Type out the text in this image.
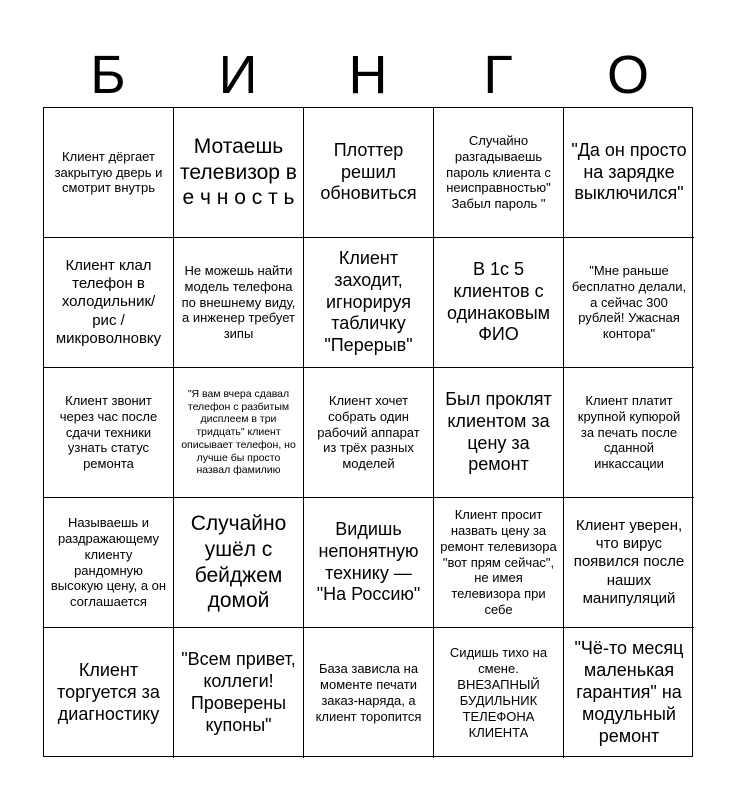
Б	И	Н	Г	О
Клиент дёргает закрытую дверь и смотрит внутрь
Мотаешь телевизор в е ч н о с т ь
Плоттер решил обновиться
Случайно разгадываешь пароль клиента с неисправностью" Забыл пароль "
"Да он просто на зарядке выключился"
Клиент клал телефон в холодильник/рис / микроволновку
Не можешь найти модель телефона по внешнему виду, а инженер требует зипы
Клиент заходит, игнорируя табличку "Перерыв"
В 1с 5 клиентов с одинаковым ФИО
"Мне раньше бесплатно делали, а сейчас 300 рублей! Ужасная контора"
Клиент звонит через час после сдачи техники узнать статус ремонта
"Я вам вчера сдавал телефон с разбитым дисплеем в три тридцать" клиент описывает телефон, но лучше бы просто назвал фамилию
Клиент хочет собрать один рабочий аппарат из трёх разных моделей
Был проклят клиентом за цену за ремонт
Клиент платит крупной купюрой за печать после сданной инкассации
Называешь и раздражающему клиенту рандомную высокую цену, а он соглашается
Случайно ушёл с бейджем домой
Видишь непонятную технику — "На Россию"
Клиент просит назвать цену за ремонт телевизора "вот прям сейчас", не имея телевизора при себе
Клиент уверен, что вирус появился после наших манипуляций
Клиент торгуется за диагностику
"Всем привет, коллеги! Проверены купоны"
База зависла на моменте печати заказ-наряда, а клиент торопится
Сидишь тихо на смене. ВНЕЗАПНЫЙ БУДИЛЬНИК ТЕЛЕФОНА КЛИЕНТА
"Чё-то месяц маленькая гарантия" на модульный ремонт
